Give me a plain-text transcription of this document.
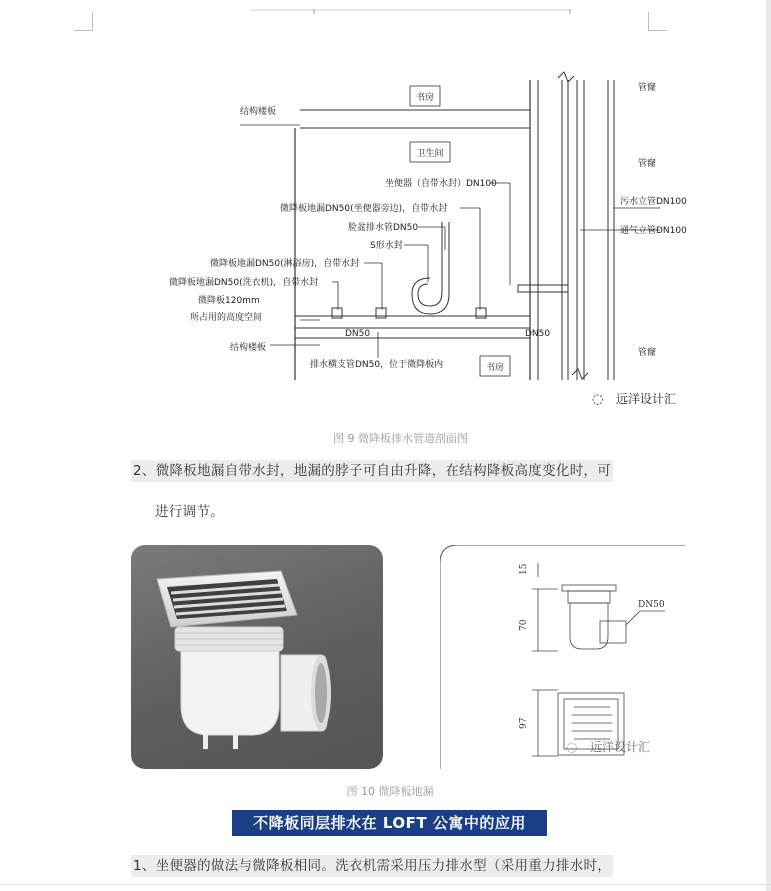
书房
卫生间
书房
结构楼板
坐便器（自带水封）DN100
微降板地漏DN50(坐便器旁边)，自带水封
脸盆排水管DN50
S形水封
微降板地漏DN50(淋浴房)，自带水封
微降板地漏DN50(洗衣机)，自带水封
微降板120mm
所占用的高度空间
DN50	DN50
结构楼板
排水横支管DN50，位于微降板内
管窿
管窿
污水立管DN100
通气立管DN100
管窿
◌ 远洋设计汇
图 9 微降板排水管道剖面图
2、微降板地漏自带水封，地漏的脖子可自由升降，在结构降板高度变化时，可
进行调节。
15
70
97
DN50
◌ 远洋设计汇
图 10 微降板地漏
不降板同层排水在 LOFT 公寓中的应用
1、坐便器的做法与微降板相同。洗衣机需采用压力排水型（采用重力排水时，
